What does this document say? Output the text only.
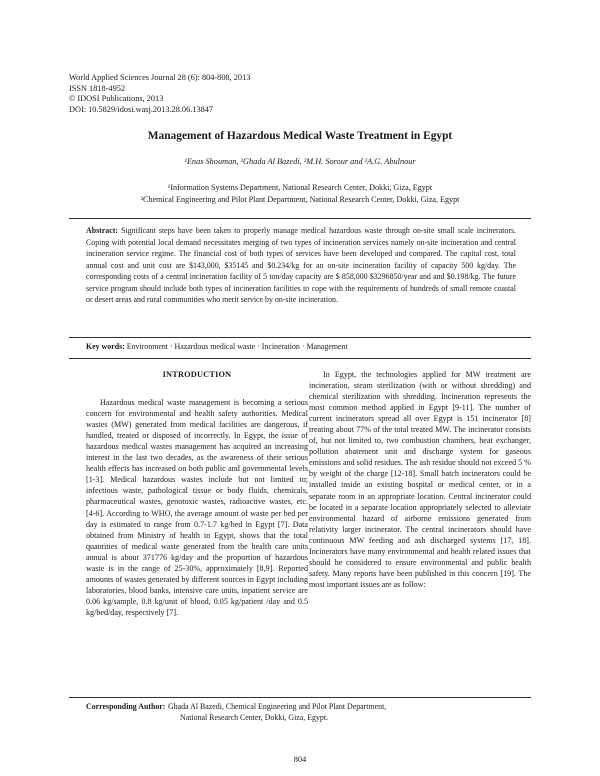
World Applied Sciences Journal 28 (6): 804-808, 2013
ISSN 1818-4952
© IDOSI Publications, 2013
DOI: 10.5829/idosi.wasj.2013.28.06.13847
Management of Hazardous Medical Waste Treatment in Egypt
¹Enas Shouman, ²Ghada Al Bazedi, ²M.H. Sorour and ²A.G. Abulnour
¹Information Systems Department, National Research Center, Dokki, Giza, Egypt
²Chemical Engineering and Pilot Plant Department, National Research Center, Dokki, Giza, Egypt
Abstract: Significant steps have been taken to properly manage medical hazardous waste through on-site small scale incinerators. Coping with potential local demand necessitates merging of two types of incineration services namely on-site incineration and central incineration service regime. The financial cost of both types of services have been developed and compared. The capital cost, total annual cost and unit cost are $143,000, $35145 and $0.234/kg for an on-site incineration facility of capacity 500 kg/day. The corresponding costs of a central incineration facility of 5 ton/day capacity are $ 858,000 $3296850/year and and $0.198/kg. The future service program should include both types of incineration facilities to cope with the requirements of hundreds of small remote coastal or desert areas and rural communities who merit service by on-site incineration.
Key words: Environment · Hazardous medical waste · Incineration · Management
INTRODUCTION

Hazardous medical waste management is becoming a serious concern for environmental and health safety authorities. Medical wastes (MW) generated from medical facilities are dangerous, if handled, treated or disposed of incorrectly. In Egypt, the issue of hazardous medical wastes management has acquired an increasing interest in the last two decades, as the awareness of their serious health effects has increased on both public and governmental levels [1-3]. Medical hazardous wastes include but not limited to; infectious waste, pathological tissue or body fluids, chemicals, pharmaceutical wastes, genotoxic wastes, radioactive wastes, etc. [4-6]. According to WHO, the average amount of waste per bed per day is estimated to range from 0.7-1.7 kg/bed in Egypt [7]. Data obtained from Ministry of health in Egypt, shows that the total quantities of medical waste generated from the health care units annual is about 371776 kg/day and the proportion of hazardous waste is in the range of 25-30%, approximately [8,9]. Reported amounts of wastes generated by different sources in Egypt including laboratories, blood banks, intensive care units, inpatient service are 0.06 kg/sample, 0.8 kg/unit of blood, 0.05 kg/patient /day and 0.5 kg/bed/day, respectively [7].

In Egypt, the technologies applied for MW treatment are incineration, steam sterilization (with or without shredding) and chemical sterilization with shredding. Incineration represents the most common method applied in Egypt [9-11]. The number of current incinerators spread all over Egypt is 151 incinerator [8] treating about 77% of the total treated MW. The incinerator consists of, but not limited to, two combustion chambers, heat exchanger, pollution abatement unit and discharge system for gaseous emissions and solid residues. The ash residue should not exceed 5 % by weight of the charge [12-18]. Small batch incinerators could be installed inside an existing hospital or medical center, or in a separate room in an appropriate location. Central incinerator could be located in a separate location appropriately selected to alleviate environmental hazard of airborne emissions generated from relativity larger incinerator. The central incinerators should have continuous MW feeding and ash discharged systems [17, 18]. Incinerators have many environmental and health related issues that should be considered to ensure environmental and public health safety. Many reports have been published in this concern [19]. The most important issues are as follow:

Corresponding Author: Ghada Al Bazedi, Chemical Engineering and Pilot Plant Department,
National Research Center, Dokki, Giza, Egypt.
804
